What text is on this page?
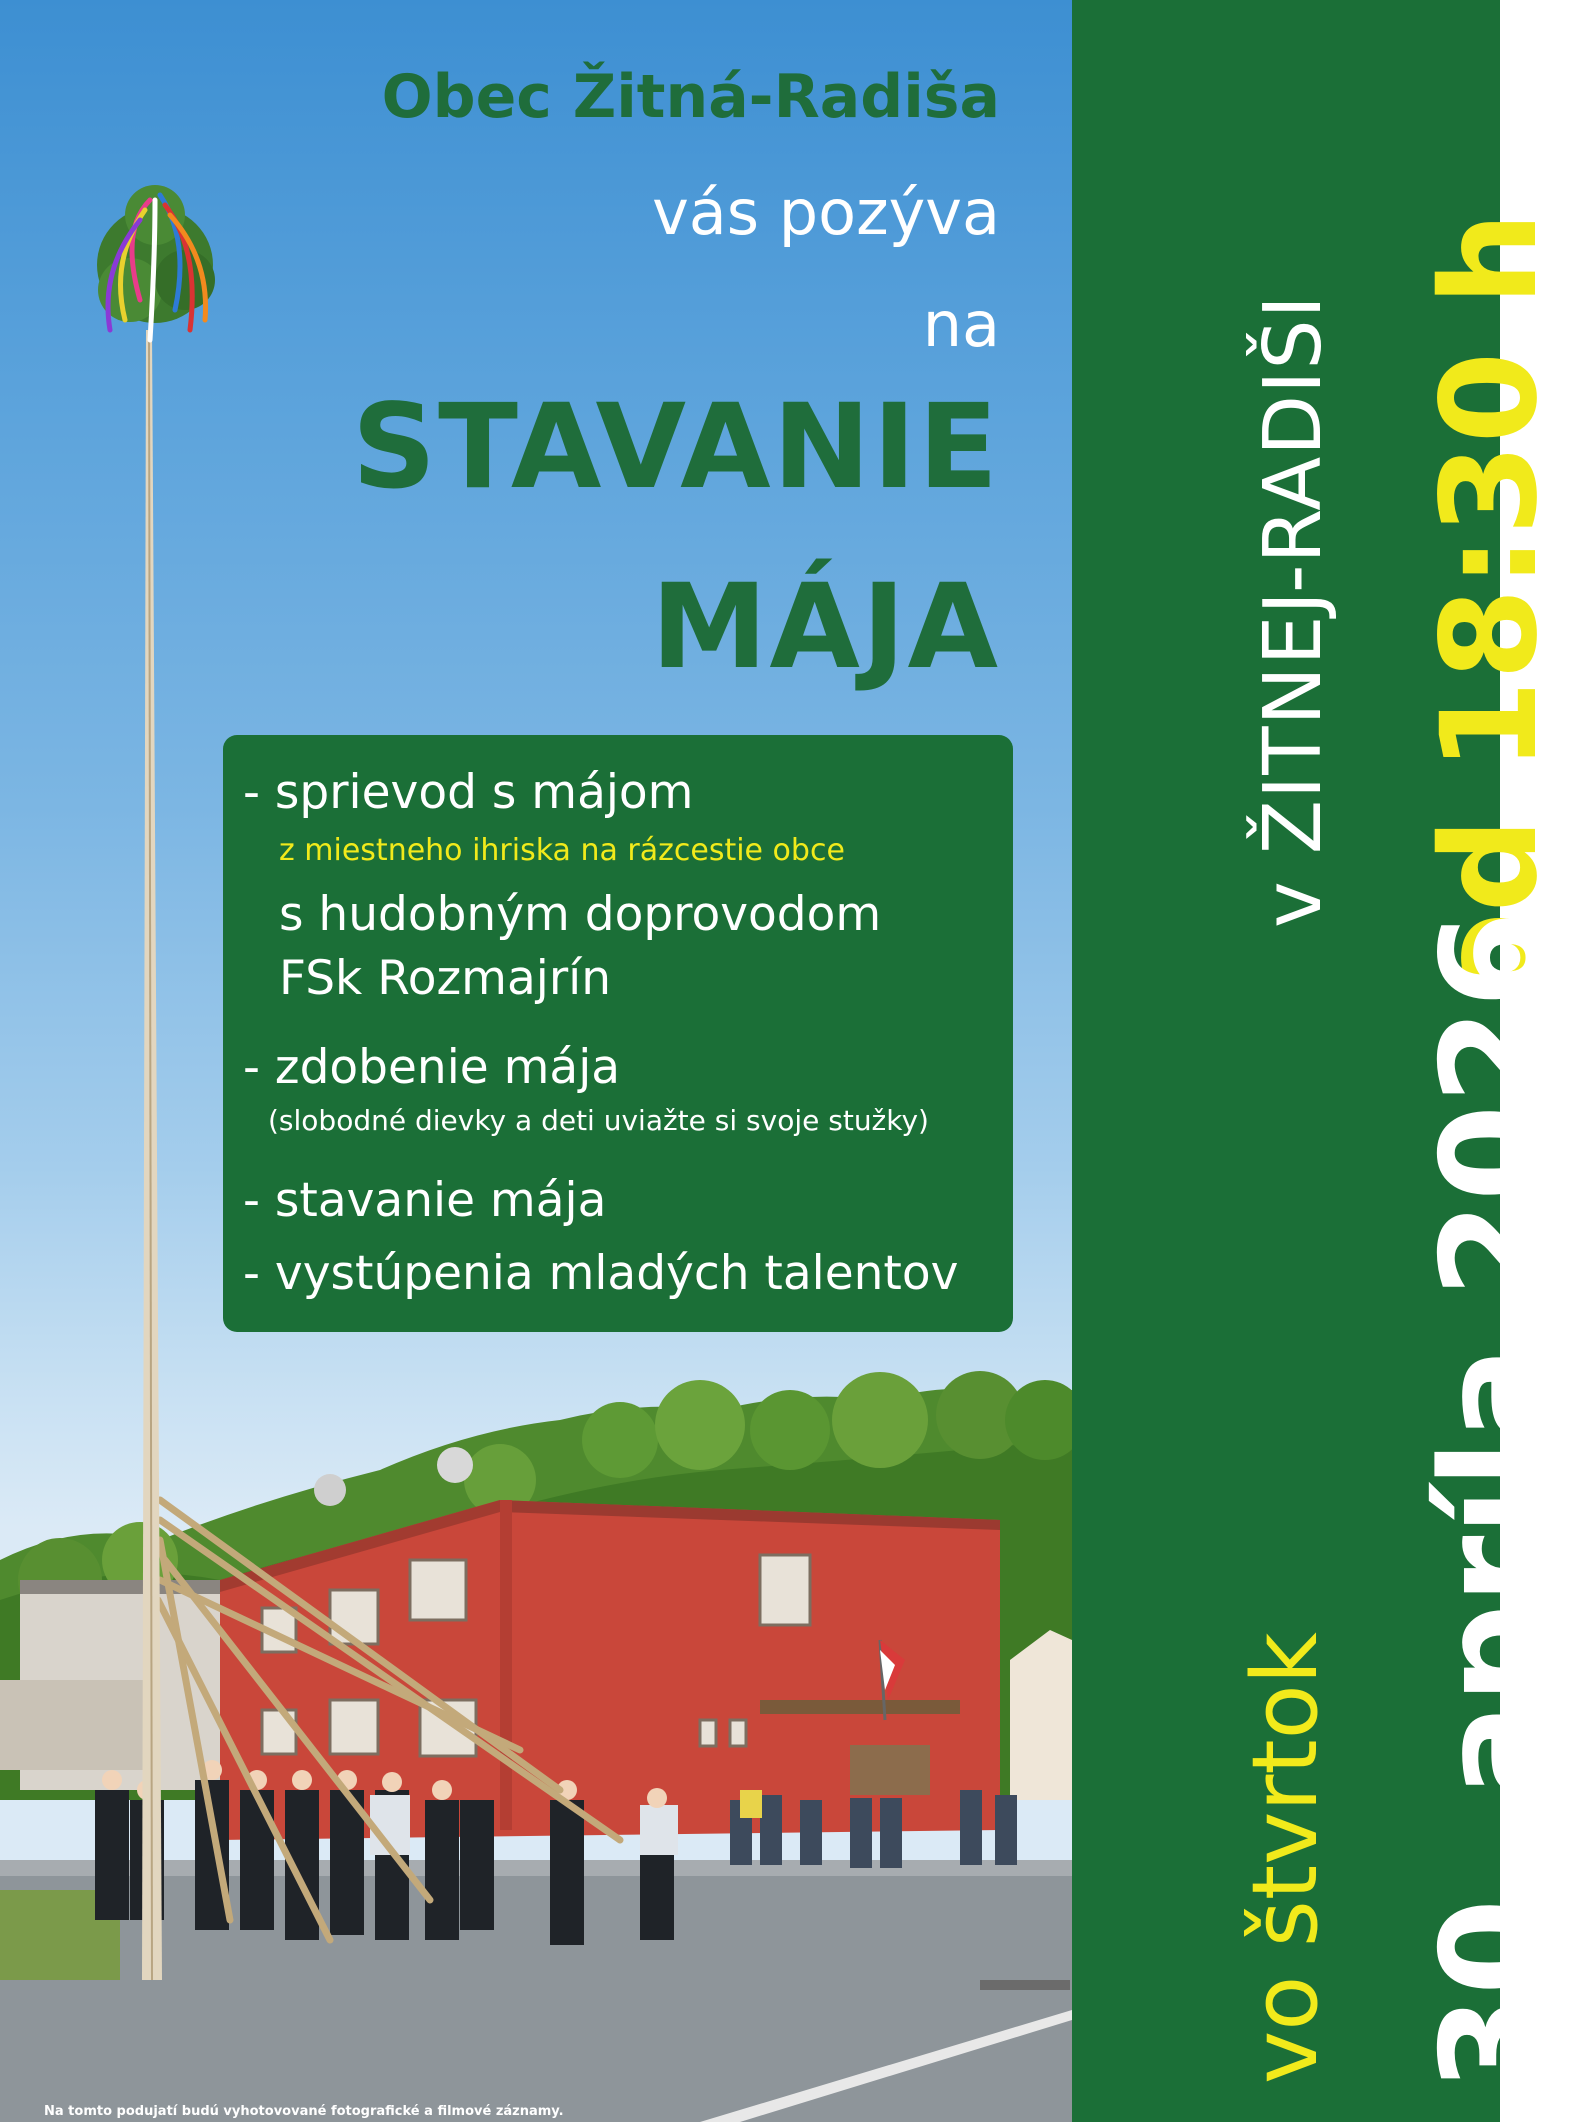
Obec Žitná-Radiša
vás pozýva
na
STAVANIE
MÁJA
- sprievod s májom
z miestneho ihriska na rázcestie obce
s hudobným doprovodom
FSk Rozmajrín
- zdobenie mája
(slobodné dievky a deti uviažte si svoje stužky)
- stavanie mája
- vystúpenia mladých talentov
v ŽITNEJ-RADIŠI od 18:30 h
30. apríla 2026
vo štvrtok
Na tomto podujatí budú vyhotovované fotografické a filmové záznamy.
